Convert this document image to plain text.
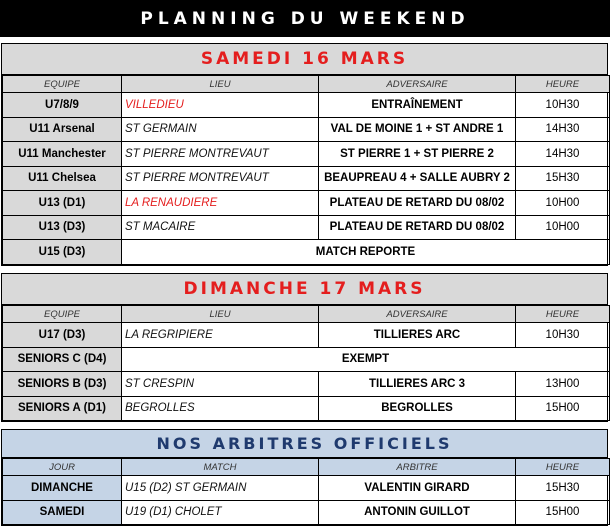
PLANNING DU WEEKEND
SAMEDI 16 MARS
EQUIPE	LIEU	ADVERSAIRE	HEURE
U7/8/9	VILLEDIEU	ENTRAÎNEMENT	10H30
U11 Arsenal	ST GERMAIN	VAL DE MOINE 1 + ST ANDRE 1	14H30
U11 Manchester	ST PIERRE MONTREVAUT	ST PIERRE 1 + ST PIERRE 2	14H30
U11 Chelsea	ST PIERRE MONTREVAUT	BEAUPREAU 4 + SALLE AUBRY 2	15H30
U13 (D1)	LA RENAUDIERE	PLATEAU DE RETARD DU 08/02	10H00
U13 (D3)	ST MACAIRE	PLATEAU DE RETARD DU 08/02	10H00
U15 (D3)	MATCH REPORTE		
DIMANCHE 17 MARS
EQUIPE	LIEU	ADVERSAIRE	HEURE
U17 (D3)	LA REGRIPIERE	TILLIERES ARC	10H30
SENIORS C (D4)	EXEMPT		
SENIORS B (D3)	ST CRESPIN	TILLIERES ARC 3	13H00
SENIORS A (D1)	BEGROLLES	BEGROLLES	15H00
NOS ARBITRES OFFICIELS
JOUR	MATCH	ARBITRE	HEURE
DIMANCHE	U15 (D2) ST GERMAIN	VALENTIN GIRARD	15H30
SAMEDI	U19 (D1) CHOLET	ANTONIN GUILLOT	15H00
